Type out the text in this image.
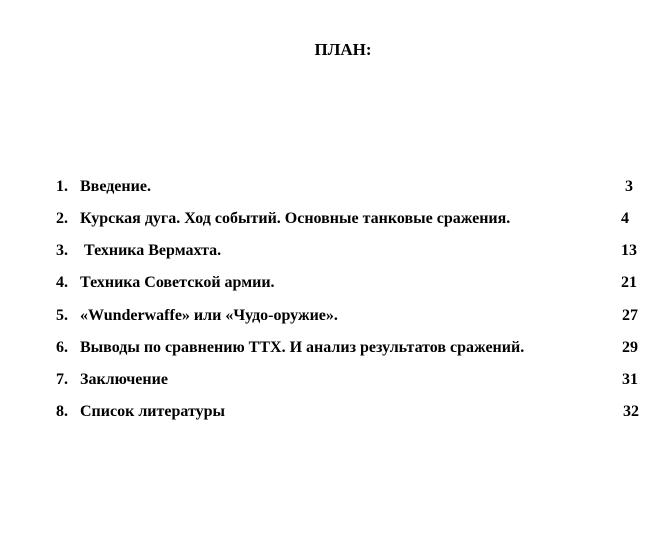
ПЛАН:
1. Введение.	3
2. Курская дуга. Ход событий. Основные танковые сражения.	4
3. Техника Вермахта.	13
4. Техника Советской армии.	21
5. «Wunderwaffe» или «Чудо-оружие».	27
6. Выводы по сравнению ТТХ. И анализ результатов сражений.	29
7. Заключение	31
8. Список литературы	32
